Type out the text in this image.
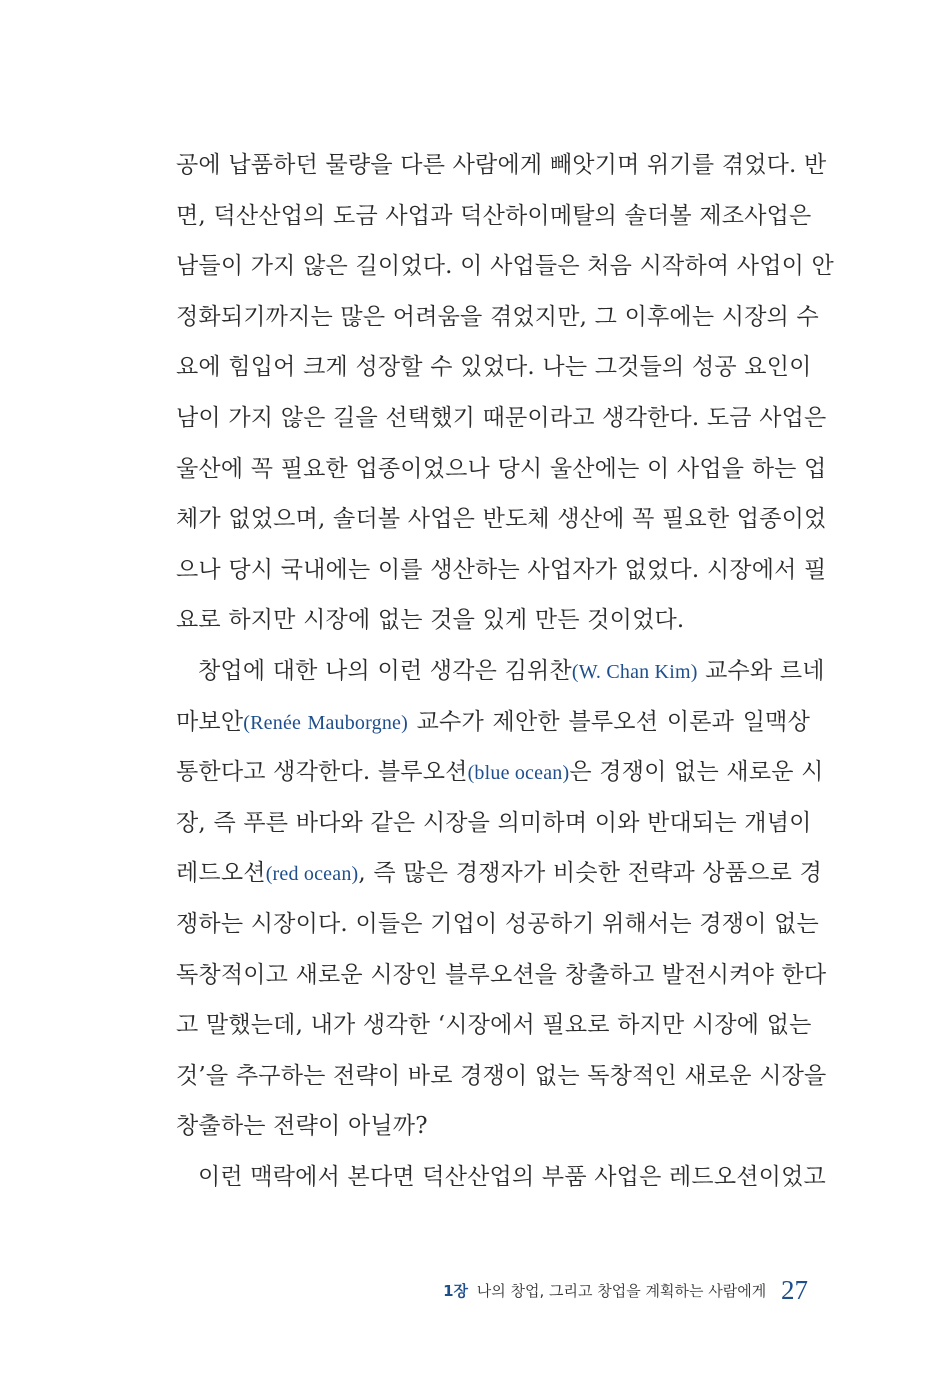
공에 납품하던 물량을 다른 사람에게 빼앗기며 위기를 겪었다. 반
면, 덕산산업의 도금 사업과 덕산하이메탈의 솔더볼 제조사업은
남들이 가지 않은 길이었다. 이 사업들은 처음 시작하여 사업이 안
정화되기까지는 많은 어려움을 겪었지만, 그 이후에는 시장의 수
요에 힘입어 크게 성장할 수 있었다. 나는 그것들의 성공 요인이
남이 가지 않은 길을 선택했기 때문이라고 생각한다. 도금 사업은
울산에 꼭 필요한 업종이었으나 당시 울산에는 이 사업을 하는 업
체가 없었으며, 솔더볼 사업은 반도체 생산에 꼭 필요한 업종이었
으나 당시 국내에는 이를 생산하는 사업자가 없었다. 시장에서 필
요로 하지만 시장에 없는 것을 있게 만든 것이었다.
창업에 대한 나의 이런 생각은 김위찬(W. Chan Kim) 교수와 르네
마보안(Renée Mauborgne) 교수가 제안한 블루오션 이론과 일맥상
통한다고 생각한다. 블루오션(blue ocean)은 경쟁이 없는 새로운 시
장, 즉 푸른 바다와 같은 시장을 의미하며 이와 반대되는 개념이
레드오션(red ocean), 즉 많은 경쟁자가 비슷한 전략과 상품으로 경
쟁하는 시장이다. 이들은 기업이 성공하기 위해서는 경쟁이 없는
독창적이고 새로운 시장인 블루오션을 창출하고 발전시켜야 한다
고 말했는데, 내가 생각한 ‘시장에서 필요로 하지만 시장에 없는
것’을 추구하는 전략이 바로 경쟁이 없는 독창적인 새로운 시장을
창출하는 전략이 아닐까?
이런 맥락에서 본다면 덕산산업의 부품 사업은 레드오션이었고
1장 나의 창업, 그리고 창업을 계획하는 사람에게 27
